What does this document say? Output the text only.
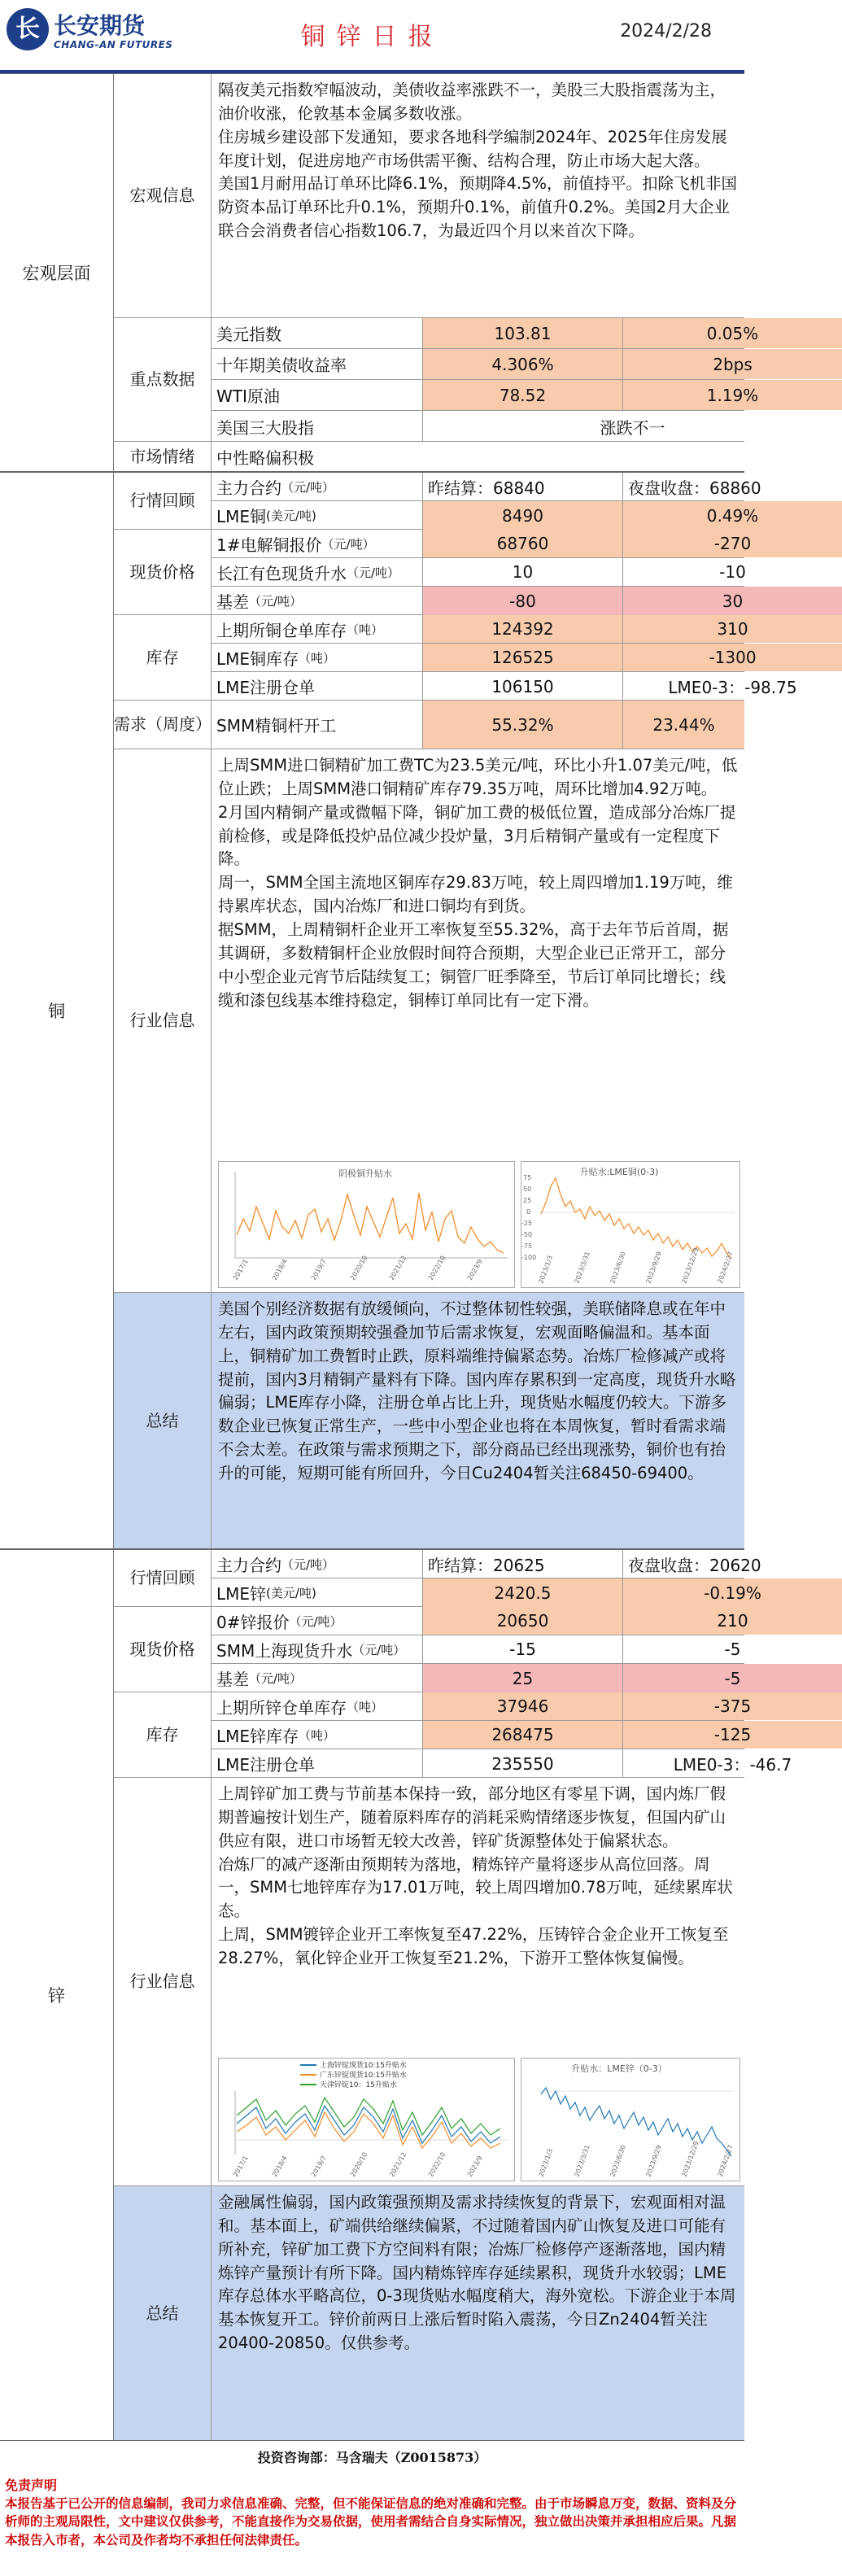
长 长安期货
CHANG-AN FUTURES	铜锌日报	2024/2/28
宏观层面
宏观信息

隔夜美元指数窄幅波动，美债收益率涨跌不一，美股三大股指震荡为主，油价收涨，伦敦基本金属多数收涨。

住房城乡建设部下发通知，要求各地科学编制2024年、2025年住房发展年度计划，促进房地产市场供需平衡、结构合理，防止市场大起大落。

美国1月耐用品订单环比降6.1%，预期降4.5%，前值持平。扣除飞机非国防资本品订单环比升0.1%，预期升0.1%，前值升0.2%。美国2月大企业联合会消费者信心指数106.7，为最近四个月以来首次下降。

重点数据
美元指数	103.81	0.05%
十年期美债收益率	4.306%	2bps
WTI原油	78.52	1.19%
美国三大股指	涨跌不一
市场情绪	中性略偏积极
铜
行情回顾
主力合约 （元/吨）	昨结算：68840	夜盘收盘：68860
LME铜 (美元/吨)	8490	0.49%
现货价格
1#电解铜报价 （元/吨）	68760	-270
长江有色现货升水 （元/吨）	10	-10
基差 （元/吨）	-80	30
库存
上期所铜仓单库存 （吨）	124392	310
LME铜库存 （吨）	126525	-1300
LME注册仓单	106150	LME0-3：-98.75
需求（周度） SMM精铜杆开工	55.32%	23.44%
行业信息

上周SMM进口铜精矿加工费TC为23.5美元/吨，环比小升1.07美元/吨，低位止跌；上周SMM港口铜精矿库存79.35万吨，周环比增加4.92万吨。

2月国内精铜产量或微幅下降，铜矿加工费的极低位置，造成部分冶炼厂提前检修，或是降低投炉品位减少投炉量，3月后精铜产量或有一定程度下降。

周一，SMM全国主流地区铜库存29.83万吨，较上周四增加1.19万吨，维持累库状态，国内冶炼厂和进口铜均有到货。

据SMM，上周精铜杆企业开工率恢复至55.32%，高于去年节后首周，据其调研，多数精铜杆企业放假时间符合预期，大型企业已正常开工，部分中小型企业元宵节后陆续复工；铜管厂旺季降至，节后订单同比增长；线缆和漆包线基本维持稳定，铜棒订单同比有一定下滑。

阴极铜升贴水
2017/1	2018/4	2019/7	2020/10	2021/12	2022/10	2023/9
升贴水:LME铜(0-3)
75
50
25
0
-25
-50
-75
-100 2023/1/3	2023/3/31	2023/6/30	2023/9/29	2023/12/29 2024/2/27
总结
美国个别经济数据有放缓倾向，不过整体韧性较强，美联储降息或在年中左右，国内政策预期较强叠加节后需求恢复，宏观面略偏温和。基本面上，铜精矿加工费暂时止跌，原料端维持偏紧态势。冶炼厂检修减产或将提前，国内3月精铜产量料有下降。国内库存累积到一定高度，现货升水略偏弱；LME库存小降，注册仓单占比上升，现货贴水幅度仍较大。下游多数企业已恢复正常生产，一些中小型企业也将在本周恢复，暂时看需求端不会太差。在政策与需求预期之下，部分商品已经出现涨势，铜价也有抬升的可能，短期可能有所回升，今日Cu2404暂关注68450-69400。
锌
行情回顾
主力合约 （元/吨）	昨结算：20625	夜盘收盘：20620
LME锌 (美元/吨)	2420.5	-0.19%
现货价格
0#锌报价 （元/吨）	20650	210
SMM上海现货升水 （元/吨）	-15	-5
基差 （元/吨）	25	-5
库存
上期所锌仓单库存 （吨）	37946	-375
LME锌库存 （吨）	268475	-125
LME注册仓单	235550	LME0-3：-46.7
行业信息

上周锌矿加工费与节前基本保持一致，部分地区有零星下调，国内炼厂假期普遍按计划生产，随着原料库存的消耗采购情绪逐步恢复，但国内矿山供应有限，进口市场暂无较大改善，锌矿货源整体处于偏紧状态。

冶炼厂的减产逐渐由预期转为落地，精炼锌产量将逐步从高位回落。周一，SMM七地锌库存为17.01万吨，较上周四增加0.78万吨，延续累库状态。

上周，SMM镀锌企业开工率恢复至47.22%，压铸锌合金企业开工恢复至28.27%，氧化锌企业开工恢复至21.2%，下游开工整体恢复偏慢。

上海锌锭现货10:15升贴水
广东锌锭现货10:15升贴水
天津锌锭10：15升贴水
2017/1	2018/4	2019/7	2020/10	2021/12	2022/10	2023/9
升贴水：LME锌（0-3）
2023/1/3	2023/3/31	2023/6/30	2023/9/29	2023/12/29 2024/2/27
总结
金融属性偏弱，国内政策强预期及需求持续恢复的背景下，宏观面相对温和。基本面上，矿端供给继续偏紧，不过随着国内矿山恢复及进口可能有所补充，锌矿加工费下方空间料有限；冶炼厂检修停产逐渐落地，国内精炼锌产量预计有所下降。国内精炼锌库存延续累积，现货升水较弱；LME库存总体水平略高位，0-3现货贴水幅度稍大，海外宽松。下游企业于本周基本恢复开工。锌价前两日上涨后暂时陷入震荡，今日Zn2404暂关注20400-20850。仅供参考。
投资咨询部：马含瑞夫（Z0015873）
免责声明
本报告基于已公开的信息编制，我司力求信息准确、完整，但不能保证信息的绝对准确和完整。由于市场瞬息万变，数据、资料及分析师的主观局限性，文中建议仅供参考，不能直接作为交易依据，使用者需结合自身实际情况，独立做出决策并承担相应后果。凡据本报告入市者，本公司及作者均不承担任何法律责任。
